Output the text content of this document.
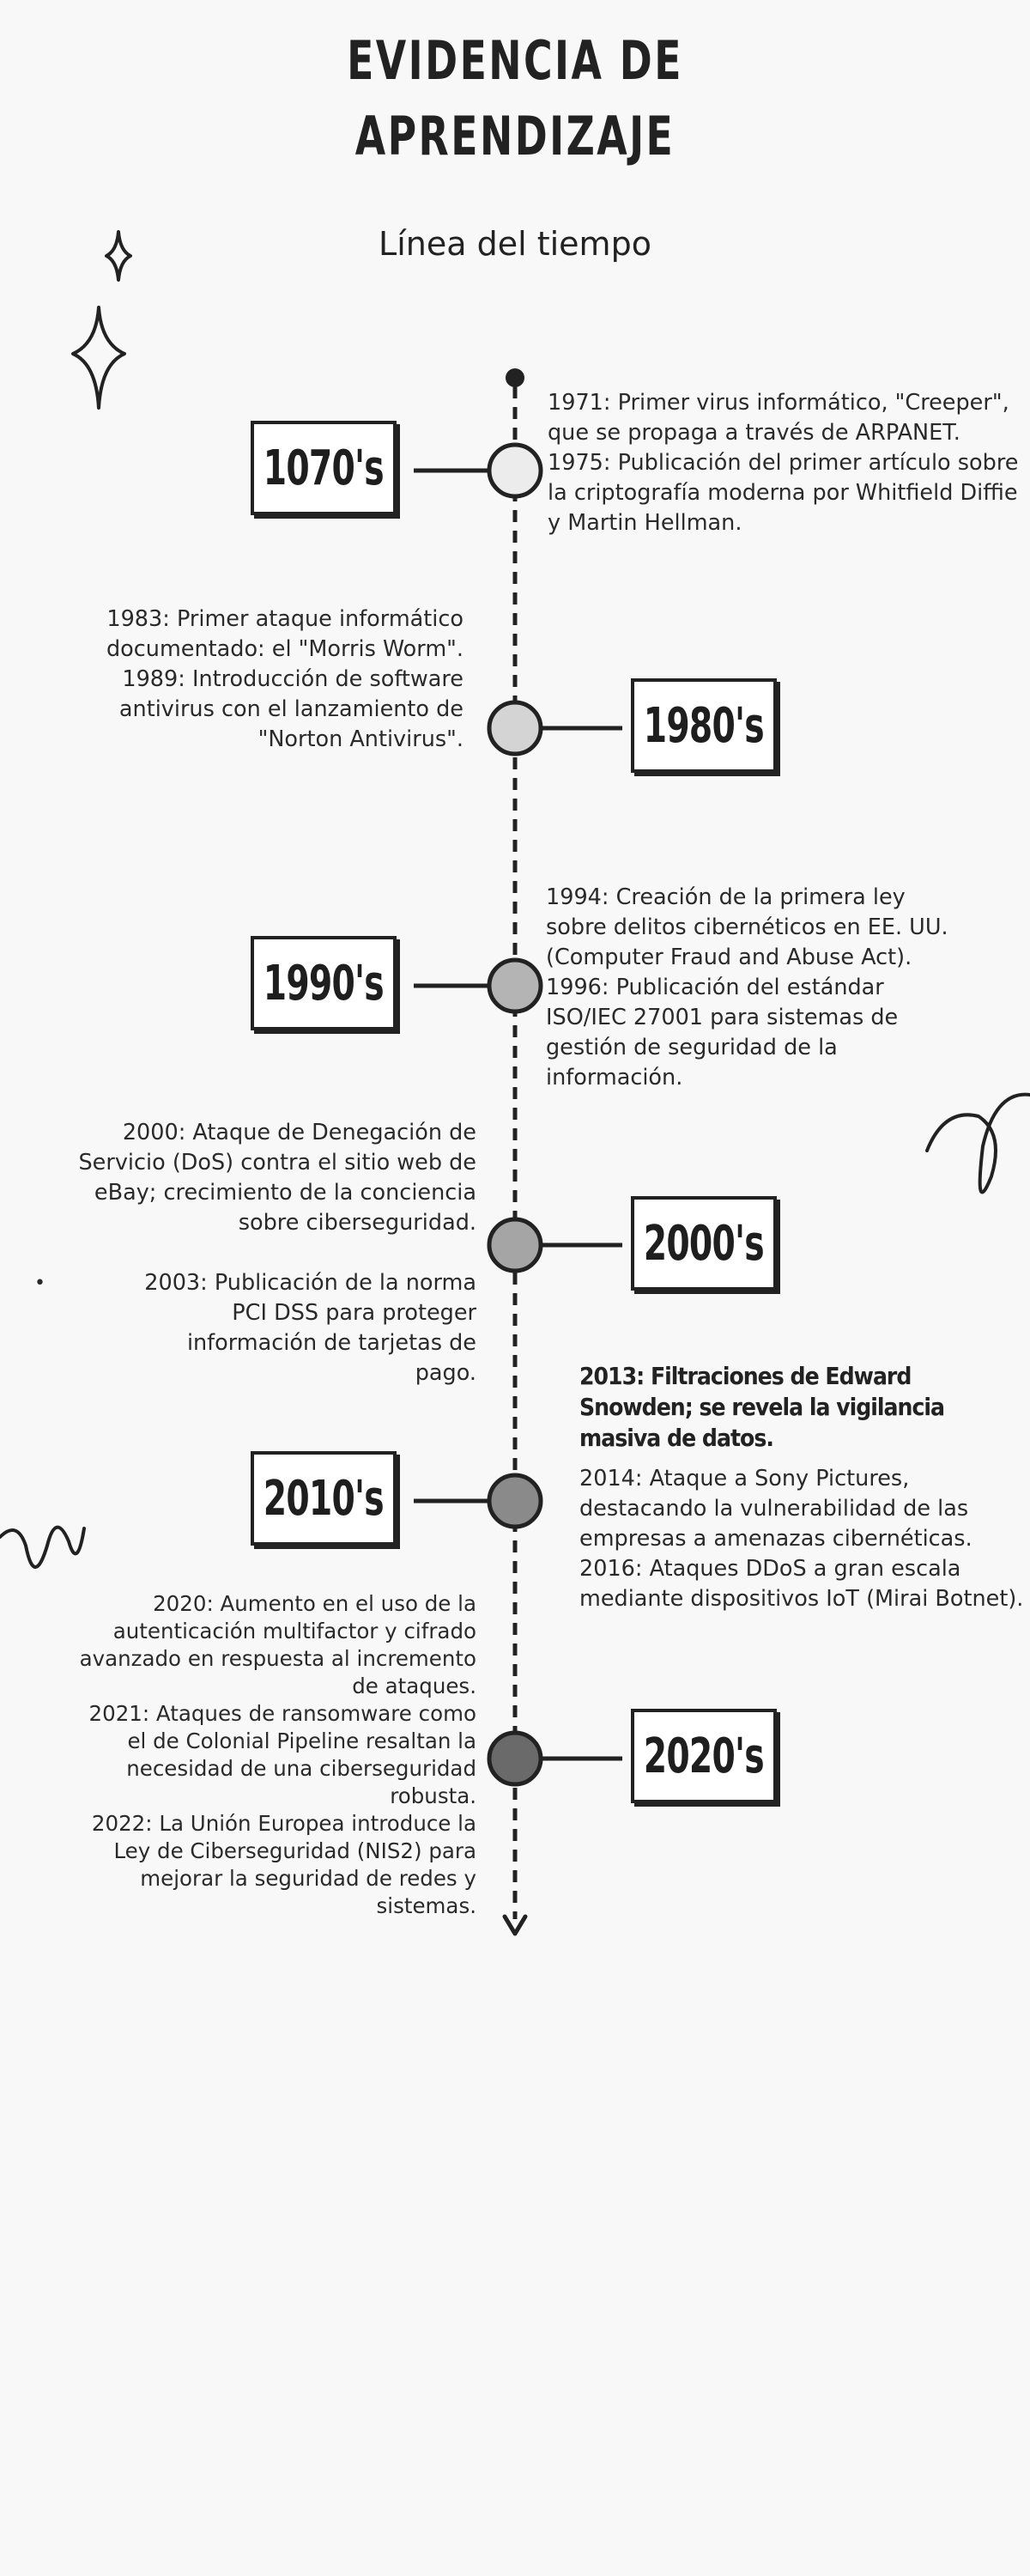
EVIDENCIA DE
APRENDIZAJE
Línea del tiempo
1070's
1980's
1990's
2000's
2010's
2020's

1971: Primer virus informático, "Creeper", que se propaga a través de ARPANET.

1975: Publicación del primer artículo sobre la criptografía moderna por Whitfield Diffie y Martin Hellman.

1983: Primer ataque informático documentado: el "Morris Worm".

1989: Introducción de software antivirus con el lanzamiento de "Norton Antivirus".

1994: Creación de la primera ley sobre delitos cibernéticos en EE. UU. (Computer Fraud and Abuse Act).

1996: Publicación del estándar ISO/IEC 27001 para sistemas de gestión de seguridad de la información.

2000: Ataque de Denegación de Servicio (DoS) contra el sitio web de eBay; crecimiento de la conciencia sobre ciberseguridad.
• 2003: Publicación de la norma PCI DSS para proteger información de tarjetas de pago.	2013: Filtraciones de Edward Snowden; se revela la vigilancia masiva de datos.

2014: Ataque a Sony Pictures, destacando la vulnerabilidad de las empresas a amenazas cibernéticas.

2016: Ataques DDoS a gran escala mediante dispositivos IoT (Mirai Botnet).

• 2020: Aumento en el uso de la autenticación multifactor y cifrado avanzado en respuesta al incremento de ataques.
• 2021: Ataques de ransomware como el de Colonial Pipeline resaltan la necesidad de una ciberseguridad robusta.
• 2022: La Unión Europea introduce la Ley de Ciberseguridad (NIS2) para mejorar la seguridad de redes y sistemas.
